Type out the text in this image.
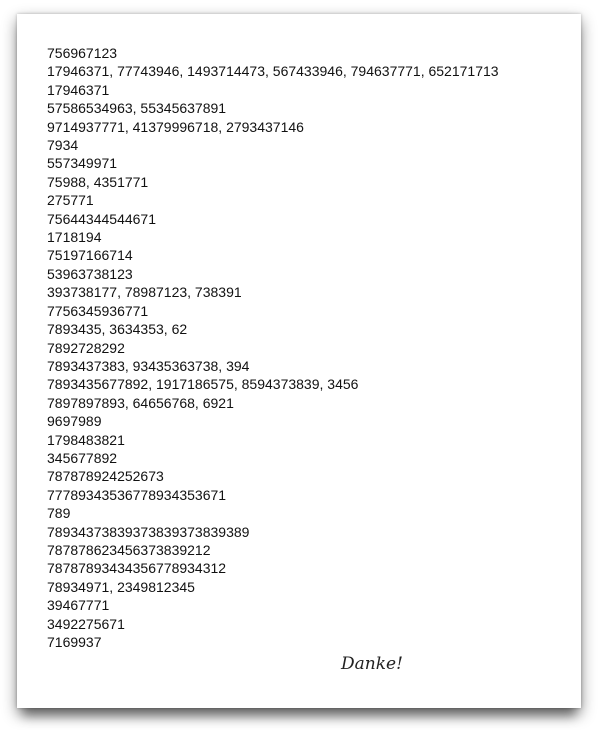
756967123
17946371, 77743946, 1493714473, 567433946, 794637771, 652171713
17946371
57586534963, 55345637891
9714937771, 41379996718, 2793437146
7934
557349971
75988, 4351771
275771
75644344544671
1718194
75197166714
53963738123
393738177, 78987123, 738391
7756345936771
7893435, 3634353, 62
7892728292
7893437383, 93435363738, 394
7893435677892, 1917186575, 8594373839, 3456
7897897893, 64656768, 6921
9697989
1798483821
345677892
787878924252673
77789343536778934353671
789
78934373839373839373839389
787878623456373839212
78787893434356778934312
78934971, 2349812345
39467771
3492275671
7169937
Danke!
